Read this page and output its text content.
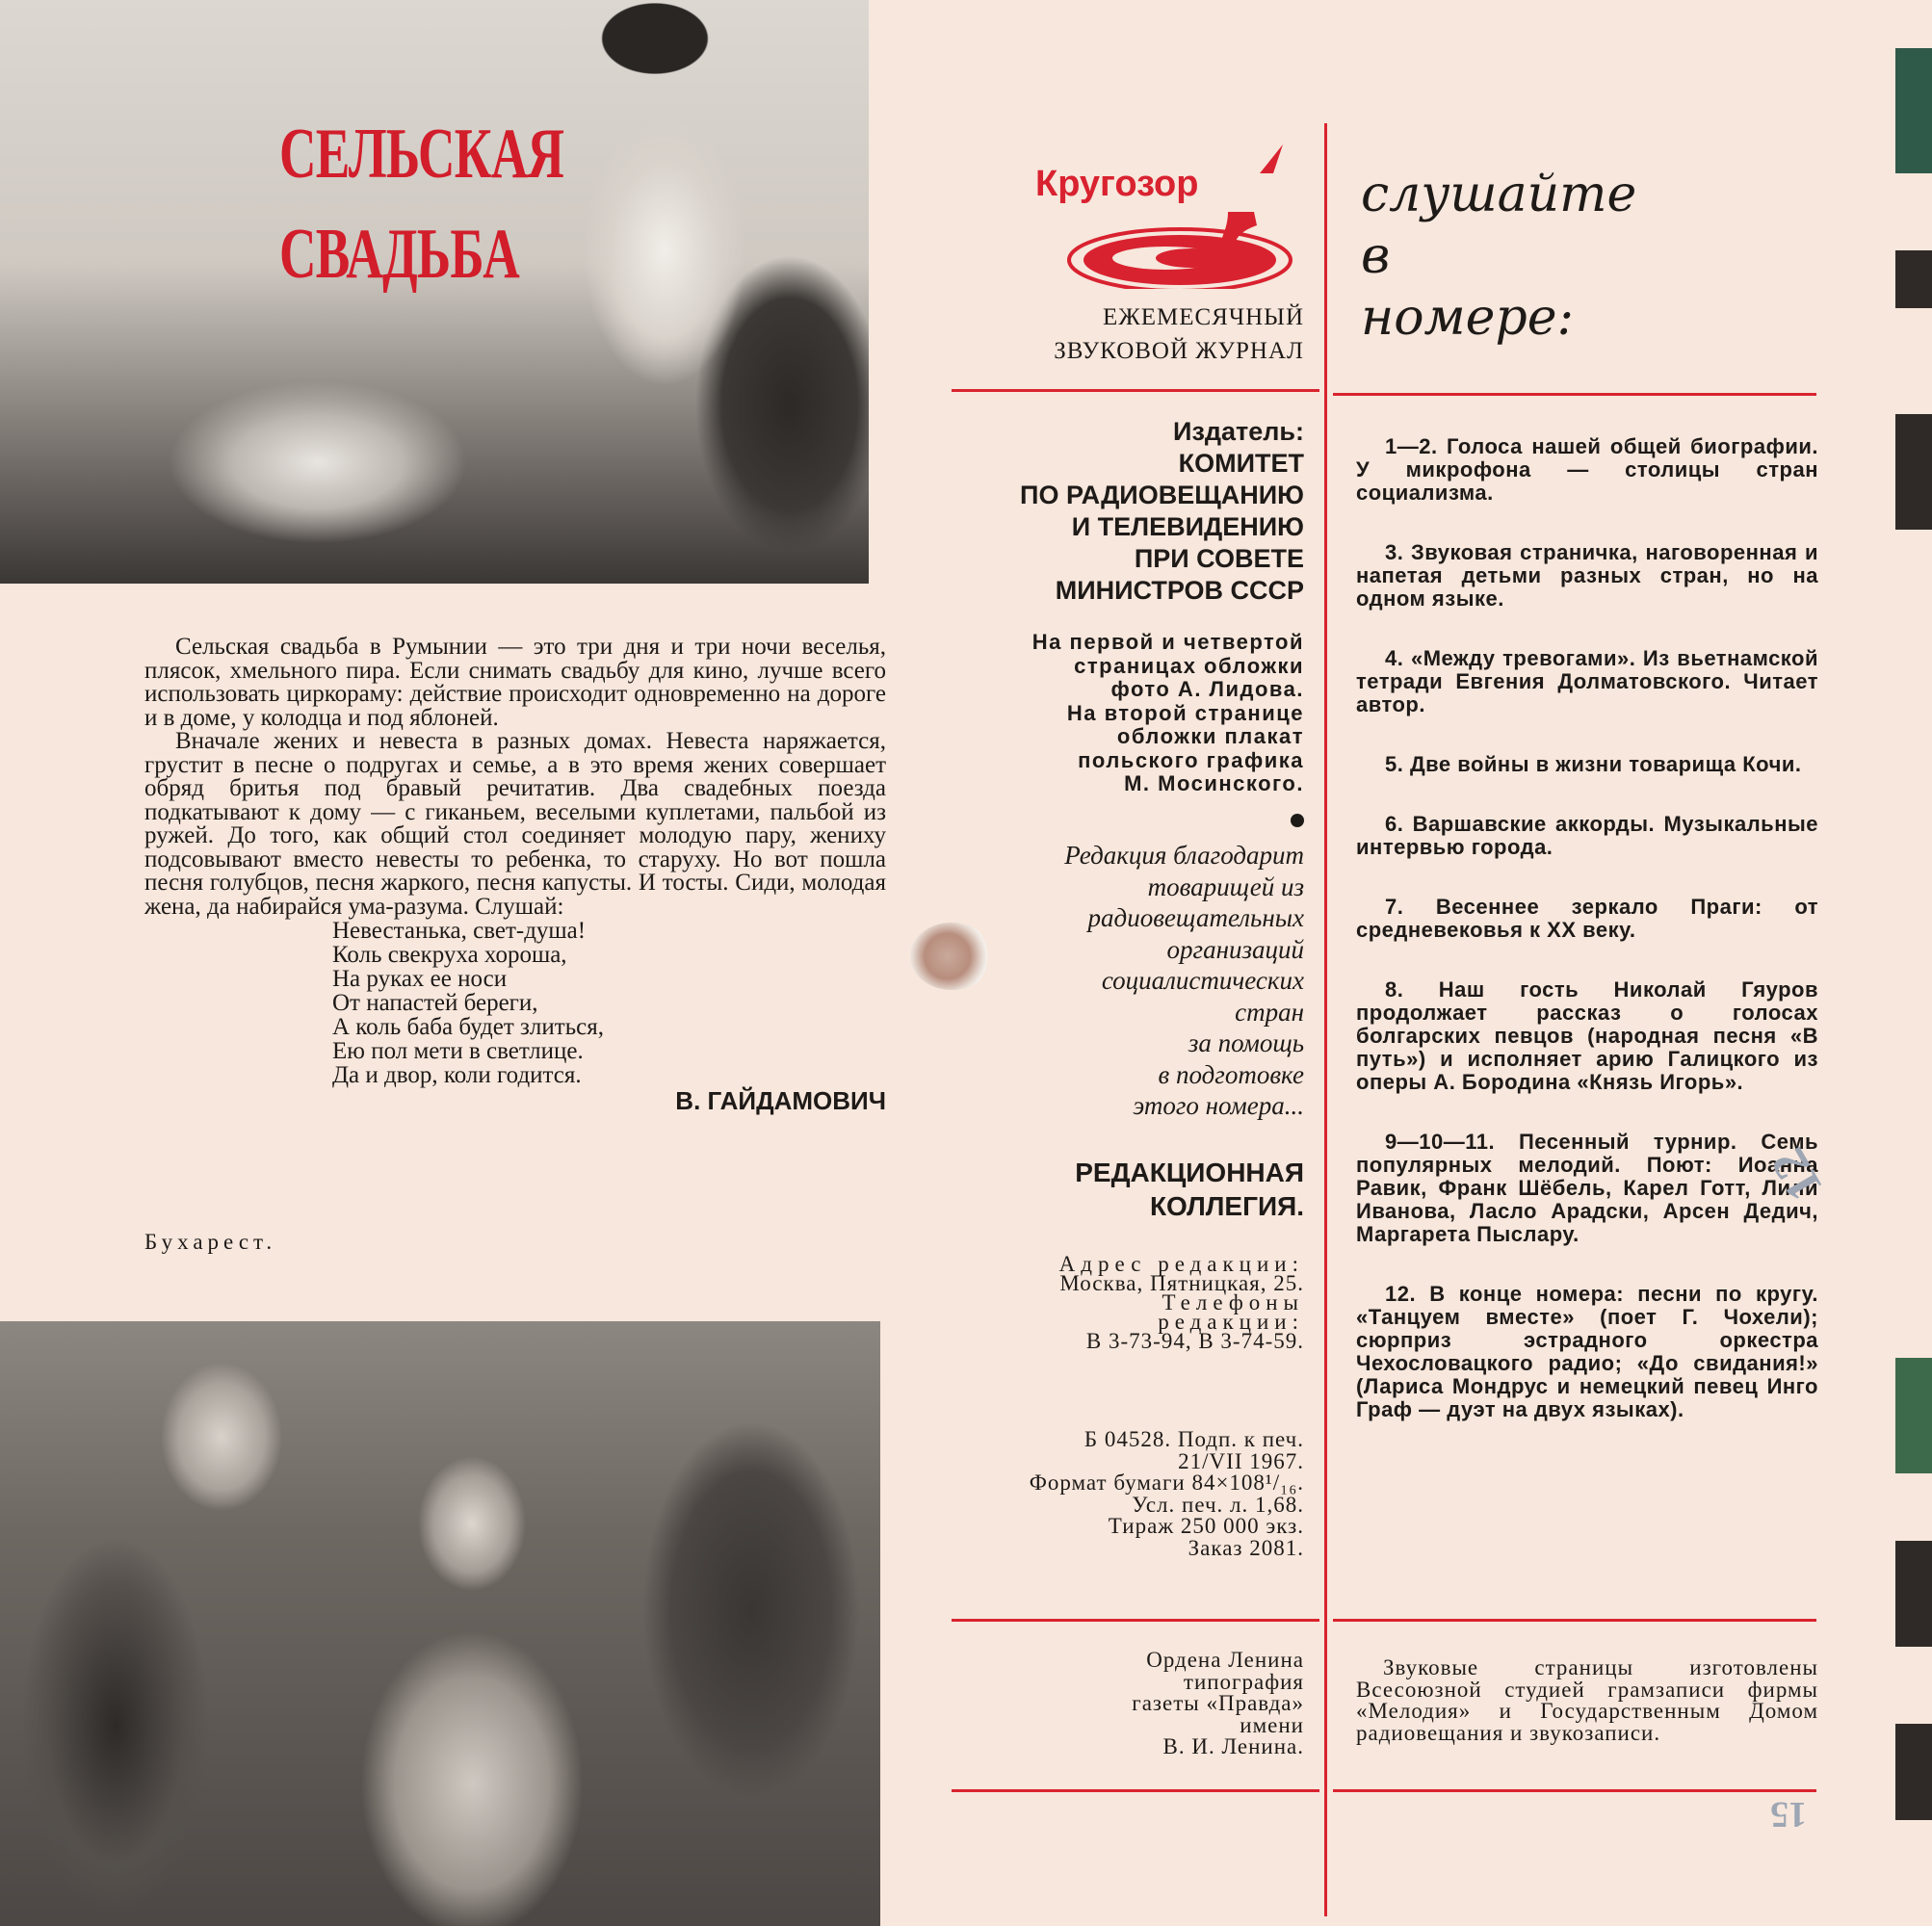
СЕЛЬСКАЯ
СВАДЬБА

Сельская свадьба в Румынии — это три дня и три ночи веселья, плясок, хмельного пира. Если снимать свадьбу для кино, лучше всего использовать циркораму: действие происходит одновременно на дороге и в доме, у колодца и под яблоней.

Вначале жених и невеста в разных домах. Невеста наряжается, грустит в песне о подругах и семье, а в это время жених совершает обряд бритья под бравый речитатив. Два свадебных поезда подкатывают к дому — с гиканьем, веселыми куплетами, пальбой из ружей. До того, как общий стол соединяет молодую пару, жениху подсовывают вместо невесты то ребенка, то старуху. Но вот пошла песня голубцов, песня жаркого, песня капусты. И тосты. Сиди, молодая жена, да набирайся ума-разума. Слушай:

Невестанька, свет-душа!
Коль свекруха хороша,
На руках ее носи
От напастей береги,
А коль баба будет злиться,
Ею пол мети в светлице.
Да и двор, коли годится.
В. ГАЙДАМОВИЧ
Бухарест.
Кругозор
ЕЖЕМЕСЯЧНЫЙ
ЗВУКОВОЙ ЖУРНАЛ
Издатель:
КОМИТЕТ
ПО РАДИОВЕЩАНИЮ
И ТЕЛЕВИДЕНИЮ
ПРИ СОВЕТЕ
МИНИСТРОВ СССР
На первой и четвертой
страницах обложки
фото А. Лидова.
На второй странице
обложки плакат
польского графика
М. Мосинского.
Редакция благодарит
товарищей из
радиовещательных
организаций
социалистических
стран
за помощь
в подготовке
этого номера...
РЕДАКЦИОННАЯ
КОЛЛЕГИЯ.
Адрес редакции:
Москва, Пятницкая, 25.
Телефоны
редакции:
В 3-73-94, В 3-74-59.
Б 04528. Подп. к печ.
21/VII 1967.
Формат бумаги 84×108¹/₁₆.
Усл. печ. л. 1,68.
Тираж 250 000 экз.
Заказ 2081.
Ордена Ленина
типография
газеты «Правда»
имени
В. И. Ленина.
слушайте
в
номере:
1—2. Голоса нашей общей биографии. У микрофона — столицы стран социализма.
3. Звуковая страничка, наговоренная и напетая детьми разных стран, но на одном языке.
4. «Между тревогами». Из вьетнамской тетради Евгения Долматовского. Читает автор.
5. Две войны в жизни товарища Кочи.
6. Варшавские аккорды. Музыкальные интервью города.
7. Весеннее зеркало Праги: от средневековья к XX веку.
8. Наш гость Николай Гяуров продолжает рассказ о голосах болгарских певцов (народная песня «В путь») и исполняет арию Галицкого из оперы А. Бородина «Князь Игорь».
9—10—11. Песенный турнир. Семь популярных мелодий. Поют: Иоанна Равик, Франк Шёбель, Карел Готт, Лили Иванова, Ласло Арадски, Арсен Дедич, Маргарета Пыслару.
12. В конце номера: песни по кругу. «Танцуем вместе» (поет Г. Чохели); сюрприз эстрадного оркестра Чехословацкого радио; «До свидания!» (Лариса Мондрус и немецкий певец Инго Граф — дуэт на двух языках).
Звуковые страницы изготовлены Всесоюзной студией грамзаписи фирмы «Мелодия» и Государственным Домом радиовещания и звукозаписи.
12
15
